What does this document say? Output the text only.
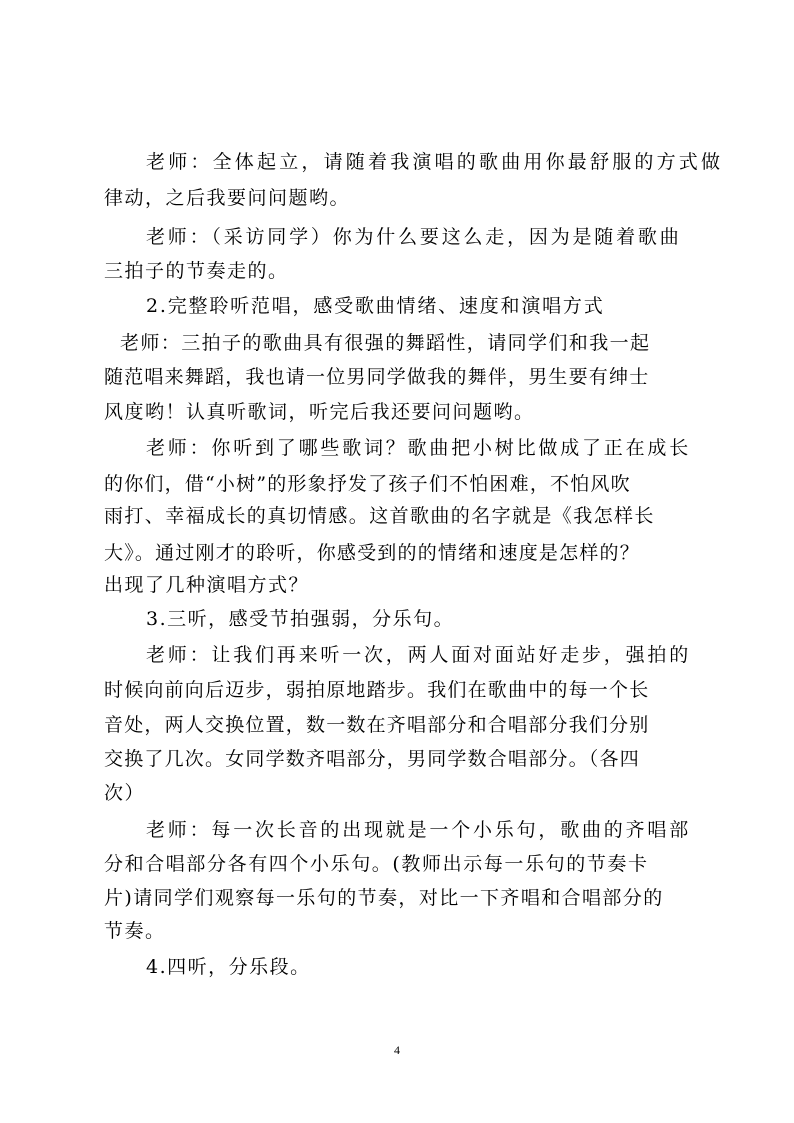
老师：全体起立，请随着我演唱的歌曲用你最舒服的方式做
律动，之后我要问问题哟。
老师：（采访同学）你为什么要这么走，因为是随着歌曲
三拍子的节奏走的。
2.完整聆听范唱，感受歌曲情绪、速度和演唱方式
老师：三拍子的歌曲具有很强的舞蹈性，请同学们和我一起
随范唱来舞蹈，我也请一位男同学做我的舞伴，男生要有绅士
风度哟！认真听歌词，听完后我还要问问题哟。
老师：你听到了哪些歌词？歌曲把小树比做成了正在成长
的你们，借“小树”的形象抒发了孩子们不怕困难，不怕风吹
雨打、幸福成长的真切情感。这首歌曲的名字就是《我怎样长
大》。通过刚才的聆听，你感受到的的情绪和速度是怎样的？
出现了几种演唱方式？
3.三听，感受节拍强弱，分乐句。
老师：让我们再来听一次，两人面对面站好走步，强拍的
时候向前向后迈步，弱拍原地踏步。我们在歌曲中的每一个长
音处，两人交换位置，数一数在齐唱部分和合唱部分我们分别
交换了几次。女同学数齐唱部分，男同学数合唱部分。（各四
次）
老师：每一次长音的出现就是一个小乐句，歌曲的齐唱部
分和合唱部分各有四个小乐句。(教师出示每一乐句的节奏卡
片)请同学们观察每一乐句的节奏，对比一下齐唱和合唱部分的
节奏。
4.四听，分乐段。
4
